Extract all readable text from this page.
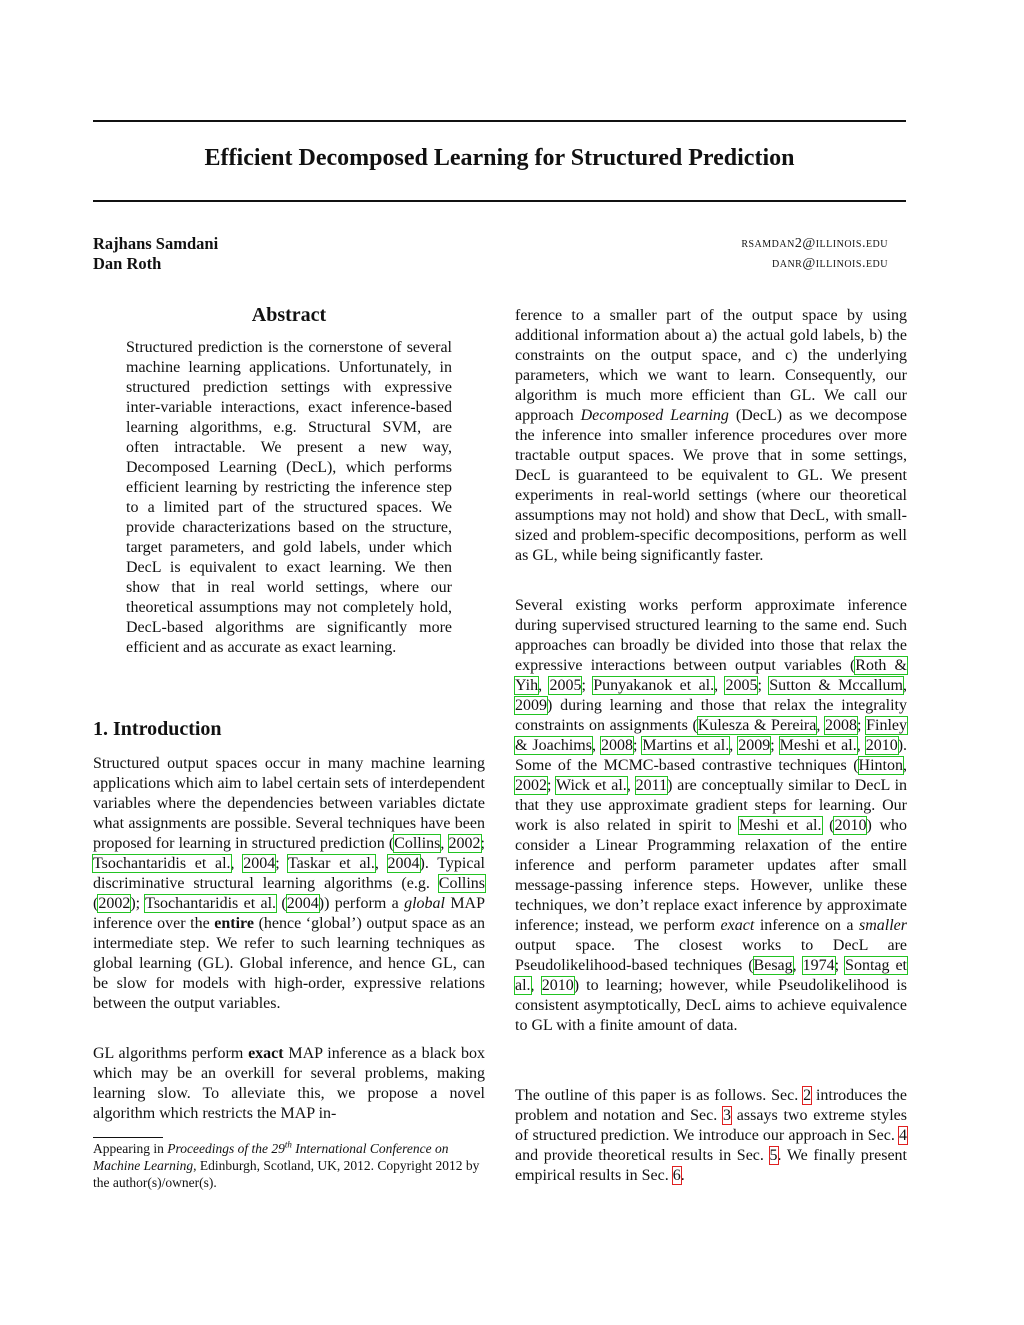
Efficient Decomposed Learning for Structured Prediction
Rajhans Samdani	rsamdan2@illinois.edu
Dan Roth	danr@illinois.edu
Abstract

Structured prediction is the cornerstone of several machine learning applications. Unfortunately, in structured prediction settings with expressive inter-variable interactions, exact inference-based learning algorithms, e.g. Structural SVM, are often intractable. We present a new way, Decomposed Learning (DecL), which performs efficient learning by restricting the inference step to a limited part of the structured spaces. We provide characterizations based on the structure, target parameters, and gold labels, under which DecL is equivalent to exact learning. We then show that in real world settings, where our theoretical assumptions may not completely hold, DecL-based algorithms are significantly more efficient and as accurate as exact learning.

1. Introduction

Structured output spaces occur in many machine learning applications which aim to label certain sets of interdependent variables where the dependencies between variables dictate what assignments are possible. Several techniques have been proposed for learning in structured prediction (Collins, 2002; Tsochantaridis et al., 2004; Taskar et al., 2004). Typical discriminative structural learning algorithms (e.g. Collins (2002); Tsochantaridis et al. (2004)) perform a global MAP inference over the entire (hence ‘global’) output space as an intermediate step. We refer to such learning techniques as global learning (GL). Global inference, and hence GL, can be slow for models with high-order, expressive relations between the output variables.

GL algorithms perform exact MAP inference as a black box which may be an overkill for several problems, making learning slow. To alleviate this, we propose a novel algorithm which restricts the MAP in-

Appearing in Proceedings of the 29th International Conference on Machine Learning, Edinburgh, Scotland, UK, 2012. Copyright 2012 by the author(s)/owner(s).

ference to a smaller part of the output space by using additional information about a) the actual gold labels, b) the constraints on the output space, and c) the underlying parameters, which we want to learn. Consequently, our algorithm is much more efficient than GL. We call our approach Decomposed Learning (DecL) as we decompose the inference into smaller inference procedures over more tractable output spaces. We prove that in some settings, DecL is guaranteed to be equivalent to GL. We present experiments in real-world settings (where our theoretical assumptions may not hold) and show that DecL, with small-sized and problem-specific decompositions, perform as well as GL, while being significantly faster.

Several existing works perform approximate inference during supervised structured learning to the same end. Such approaches can broadly be divided into those that relax the expressive interactions between output variables (Roth & Yih, 2005; Punyakanok et al., 2005; Sutton & Mccallum, 2009) during learning and those that relax the integrality constraints on assignments (Kulesza & Pereira, 2008; Finley & Joachims, 2008; Martins et al., 2009; Meshi et al., 2010). Some of the MCMC-based contrastive techniques (Hinton, 2002; Wick et al., 2011) are conceptually similar to DecL in that they use approximate gradient steps for learning. Our work is also related in spirit to Meshi et al. (2010) who consider a Linear Programming relaxation of the entire inference and perform parameter updates after small message-passing inference steps. However, unlike these techniques, we don’t replace exact inference by approximate inference; instead, we perform exact inference on a smaller output space. The closest works to DecL are Pseudolikelihood-based techniques (Besag, 1974; Sontag et al., 2010) to learning; however, while Pseudolikelihood is consistent asymptotically, DecL aims to achieve equivalence to GL with a finite amount of data.

The outline of this paper is as follows. Sec. 2 introduces the problem and notation and Sec. 3 assays two extreme styles of structured prediction. We introduce our approach in Sec. 4 and provide theoretical results in Sec. 5. We finally present empirical results in Sec. 6.
